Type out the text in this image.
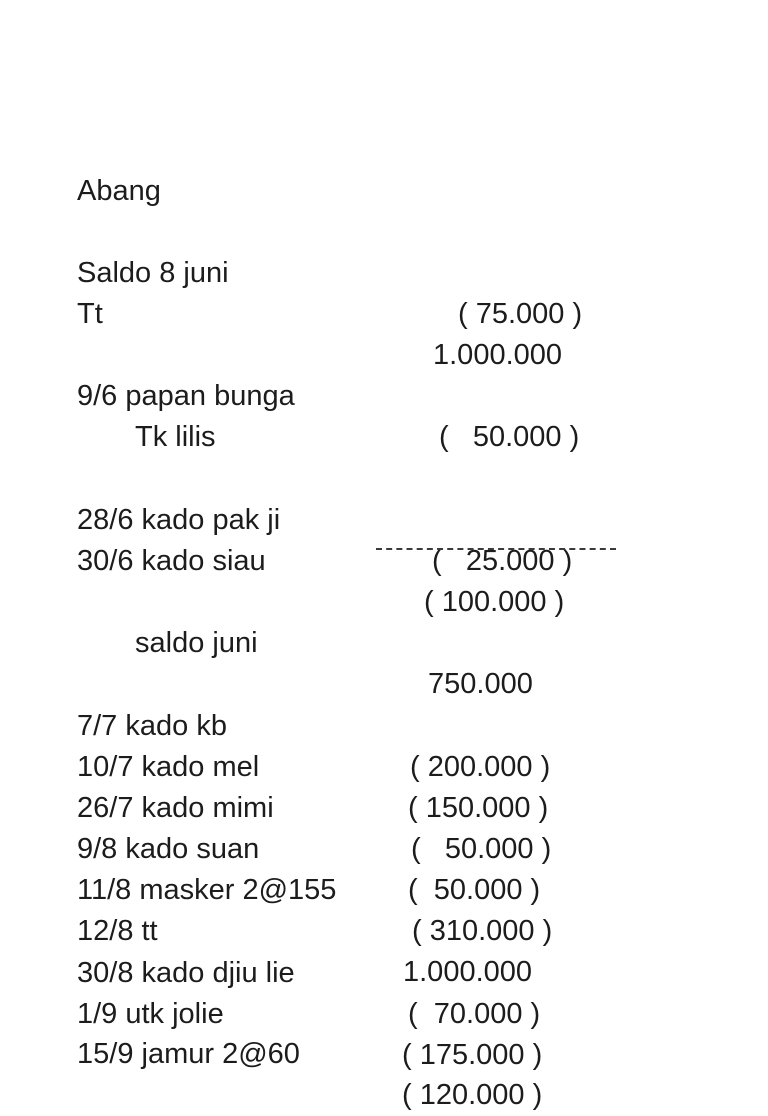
Abang

Saldo 8 juni

( 75.000 )

Tt

1.000.000

9/6 papan bunga

(   50.000 )

Tk lilis

28/6 kado pak ji

(   25.000 )

30/6 kado siau

( 100.000 )

saldo juni

750.000

7/7 kado kb

( 200.000 )

10/7 kado mel

( 150.000 )

26/7 kado mimi

(   50.000 )

9/8 kado suan

(  50.000 )

11/8 masker 2@155

( 310.000 )

12/8 tt

1.000.000

30/8 kado djiu lie

(  70.000 )

1/9 utk jolie

( 175.000 )

15/9 jamur 2@60

( 120.000 )
